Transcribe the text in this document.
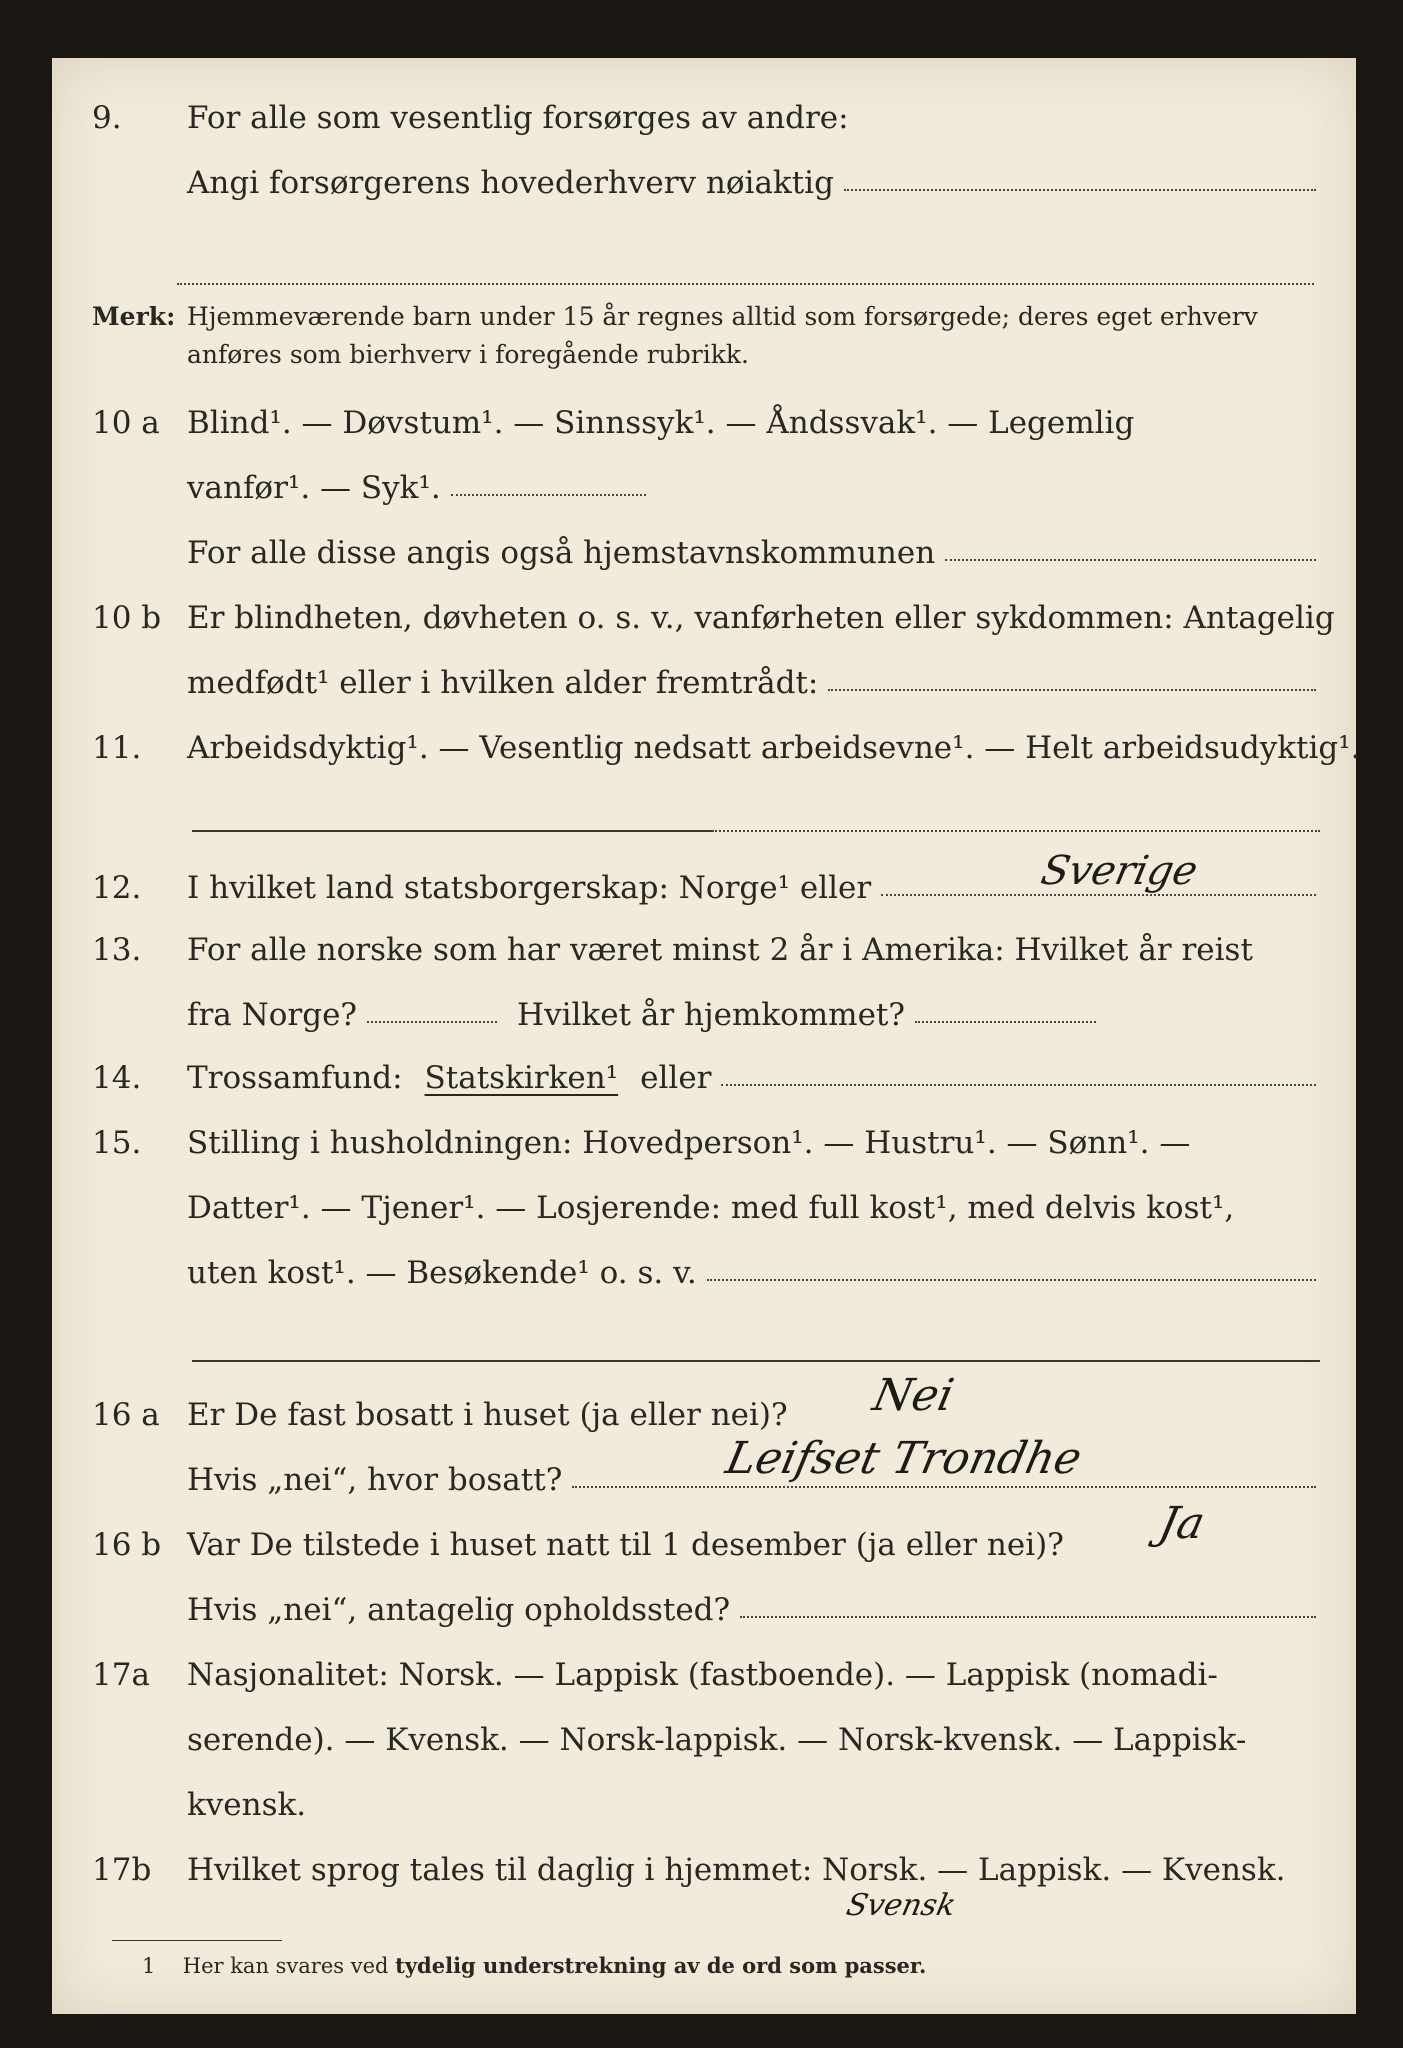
9.	For alle som vesentlig forsørges av andre:
Angi forsørgerens hovederhverv nøiaktig
Merk: Hjemmeværende barn under 15 år regnes alltid som forsørgede; deres eget erhverv
anføres som bierhverv i foregående rubrikk.
10 a Blind¹. — Døvstum¹. — Sinnssyk¹. — Åndssvak¹. — Legemlig
vanfør¹. — Syk¹.
For alle disse angis også hjemstavnskommunen
10 b Er blindheten, døvheten o. s. v., vanførheten eller sykdommen: Antagelig
medfødt¹ eller i hvilken alder fremtrådt:
11.	Arbeidsdyktig¹. — Vesentlig nedsatt arbeidsevne¹. — Helt arbeidsudyktig¹.
12.	I hvilket land statsborgerskap: Norge¹ eller	Sverige
13.	For alle norske som har været minst 2 år i Amerika: Hvilket år reist
fra Norge?	Hvilket år hjemkommet?
14.	Trossamfund: Statskirken¹ eller
15.	Stilling i husholdningen: Hovedperson¹. — Hustru¹. — Sønn¹. —
Datter¹. — Tjener¹. — Losjerende: med full kost¹, med delvis kost¹,
uten kost¹. — Besøkende¹ o. s. v.
16 a Er De fast bosatt i huset (ja eller nei)? Nei
Hvis „nei“, hvor bosatt?	Leifset Trondhe
16 b Var De tilstede i huset natt til 1 desember (ja eller nei)? Ja
Hvis „nei“, antagelig opholdssted?
17a	Nasjonalitet: Norsk. — Lappisk (fastboende). — Lappisk (nomadi-
serende). — Kvensk. — Norsk-lappisk. — Norsk-kvensk. — Lappisk-
kvensk.
17b	Hvilket sprog tales til daglig i hjemmet: Norsk. — Lappisk. — Kvensk.
Svensk
1 Her kan svares ved tydelig understrekning av de ord som passer.
